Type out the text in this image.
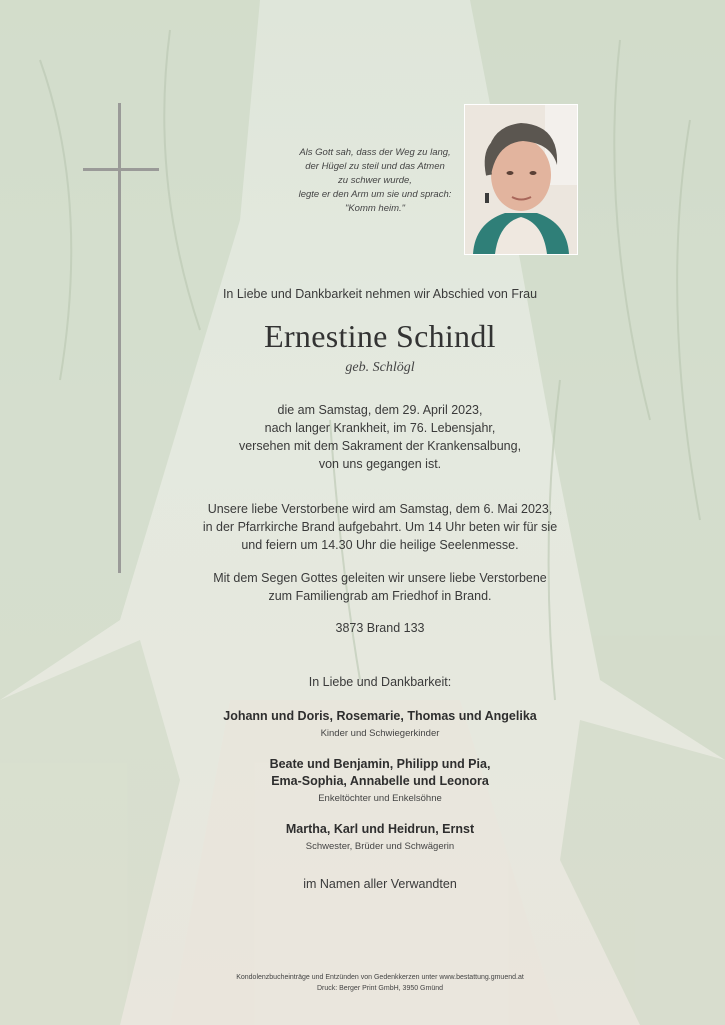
Als Gott sah, dass der Weg zu lang,
der Hügel zu steil und das Atmen
zu schwer wurde,
legte er den Arm um sie und sprach:
"Komm heim."
In Liebe und Dankbarkeit nehmen wir Abschied von Frau
Ernestine Schindl
geb. Schlögl
die am Samstag, dem 29. April 2023,
nach langer Krankheit, im 76. Lebensjahr,
versehen mit dem Sakrament der Krankensalbung,
von uns gegangen ist.
Unsere liebe Verstorbene wird am Samstag, dem 6. Mai 2023,
in der Pfarrkirche Brand aufgebahrt. Um 14 Uhr beten wir für sie
und feiern um 14.30 Uhr die heilige Seelenmesse.
Mit dem Segen Gottes geleiten wir unsere liebe Verstorbene
zum Familiengrab am Friedhof in Brand.
3873 Brand 133
In Liebe und Dankbarkeit:
Johann und Doris, Rosemarie, Thomas und Angelika
Kinder und Schwiegerkinder
Beate und Benjamin, Philipp und Pia,
Ema-Sophia, Annabelle und Leonora
Enkeltöchter und Enkelsöhne
Martha, Karl und Heidrun, Ernst
Schwester, Brüder und Schwägerin
im Namen aller Verwandten
Kondolenzbucheinträge und Entzünden von Gedenkkerzen unter www.bestattung.gmuend.at
Druck: Berger Print GmbH, 3950 Gmünd
